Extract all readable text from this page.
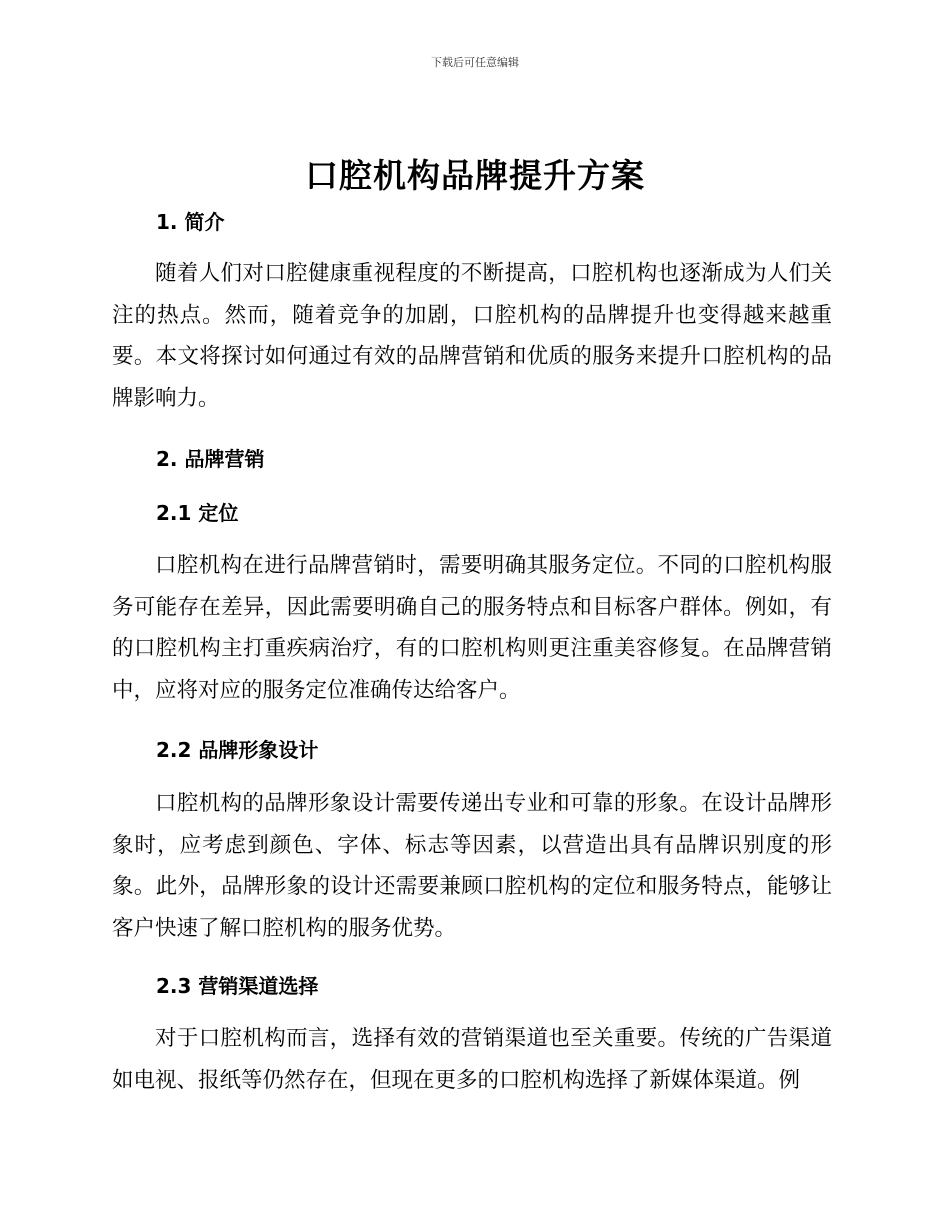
下载后可任意编辑
口腔机构品牌提升方案
1. 简介
随着人们对口腔健康重视程度的不断提高，口腔机构也逐渐成为人们关注的热点。然而，随着竞争的加剧，口腔机构的品牌提升也变得越来越重要。本文将探讨如何通过有效的品牌营销和优质的服务来提升口腔机构的品牌影响力。
2. 品牌营销
2.1 定位
口腔机构在进行品牌营销时，需要明确其服务定位。不同的口腔机构服务可能存在差异，因此需要明确自己的服务特点和目标客户群体。例如，有的口腔机构主打重疾病治疗，有的口腔机构则更注重美容修复。在品牌营销中，应将对应的服务定位准确传达给客户。
2.2 品牌形象设计
口腔机构的品牌形象设计需要传递出专业和可靠的形象。在设计品牌形象时，应考虑到颜色、字体、标志等因素，以营造出具有品牌识别度的形象。此外，品牌形象的设计还需要兼顾口腔机构的定位和服务特点，能够让客户快速了解口腔机构的服务优势。
2.3 营销渠道选择
对于口腔机构而言，选择有效的营销渠道也至关重要。传统的广告渠道如电视、报纸等仍然存在，但现在更多的口腔机构选择了新媒体渠道。例
